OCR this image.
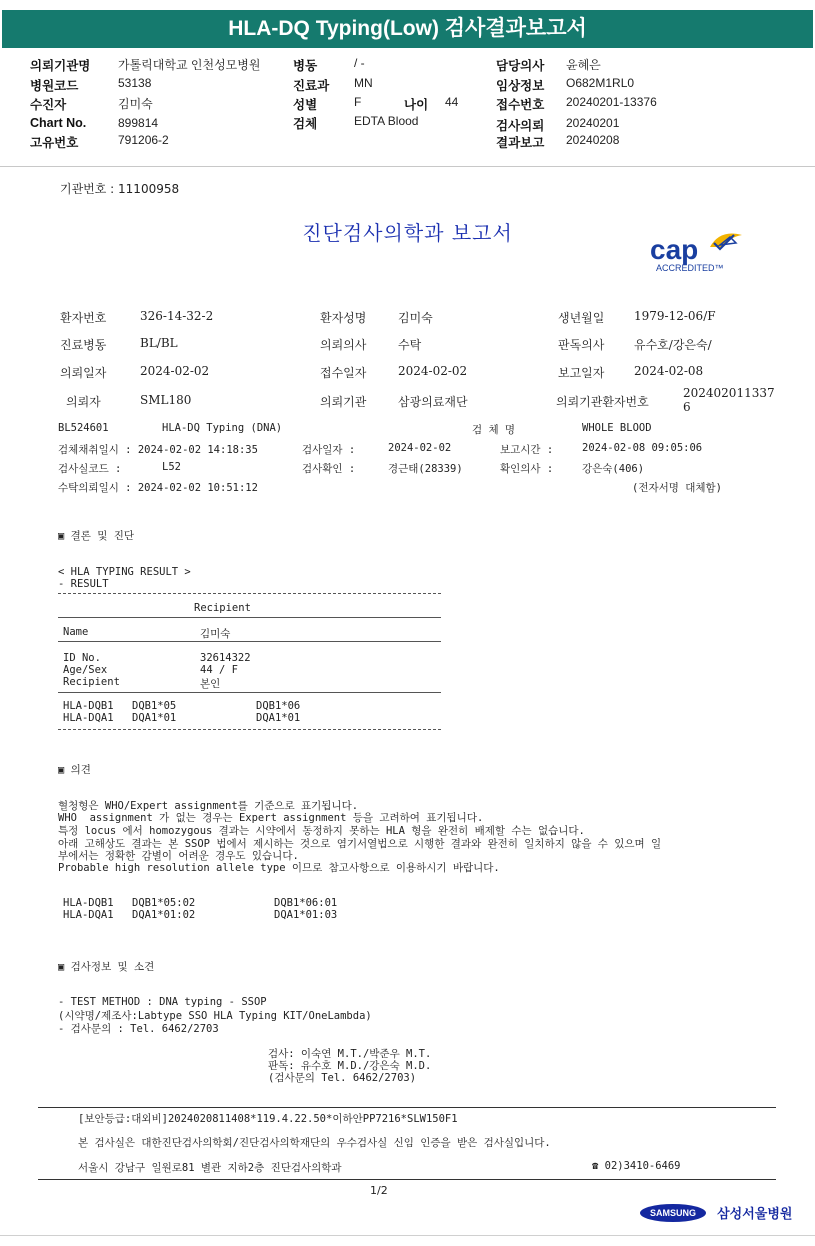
HLA-DQ Typing(Low) 검사결과보고서
의뢰기관명 가톨릭대학교 인천성모병원
병원코드	53138
수진자	김미숙
Chart No.	899814
고유번호	791206-2
병동	/ -
진료과 MN
성별	F	나이 44
검체	EDTA Blood
담당의사 윤혜은
임상정보 O682M1RL0
접수번호 20240201-13376
검사의뢰 20240201
결과보고 20240208
기관번호 : 11100958
진단검사의학과 보고서
cap
ACCREDITED™
환자번호	326-14-32-2	환자성명	김미숙	생년월일 1979-12-06/F
진료병동	BL/BL	의뢰의사	수탁	판독의사 유수호/강은숙/
의뢰일자	2024-02-02	접수일자	2024-02-02	보고일자 2024-02-08
의뢰자	SML180	의뢰기관	삼광의료재단	의뢰기관환자번호
202402011337
6
BL524601	HLA-DQ Typing (DNA)	검 체 명	WHOLE BLOOD
검체채취일시 : 2024-02-02 14:18:35	검사일자 :	2024-02-02	보고시간 :	2024-02-08 09:05:06
검사실코드 :	L52	검사확인 :	경근태(28339)	확인의사 :	강은숙(406)
수탁의뢰일시 : 2024-02-02 10:51:12	(전자서명 대체함)
▣ 결론 및 진단
< HLA TYPING RESULT >
- RESULT
Recipient
Name	김미숙
ID No.	32614322
Age/Sex	44 / F
Recipient	본인
HLA-DQB1 DQB1*05	DQB1*06
HLA-DQA1 DQA1*01	DQA1*01
▣ 의견
혈청형은 WHO/Expert assignment를 기준으로 표기됩니다.
WHO  assignment 가 없는 경우는 Expert assignment 등을 고려하여 표기됩니다.
특정 locus 에서 homozygous 결과는 시약에서 동정하지 못하는 HLA 형을 완전히 배제할 수는 없습니다.
아래 고해상도 결과는 본 SSOP 법에서 제시하는 것으로 염기서열법으로 시행한 결과와 완전히 일치하지 않을 수 있으며 일
부에서는 정확한 감별이 어려운 경우도 있습니다.
Probable high resolution allele type 이므로 참고사항으로 이용하시기 바랍니다.
HLA-DQB1 DQB1*05:02	DQB1*06:01
HLA-DQA1 DQA1*01:02	DQA1*01:03
▣ 검사정보 및 소견
- TEST METHOD : DNA typing - SSOP
(시약명/제조사:Labtype SSO HLA Typing KIT/OneLambda)
- 검사문의 : Tel. 6462/2703
검사: 이숙연 M.T./박준우 M.T.
판독: 유수호 M.D./강은숙 M.D.
(검사문의 Tel. 6462/2703)
[보안등급:대외비]2024020811408*119.4.22.50*이하안PP7216*SLW150F1
본 검사실은 대한진단검사의학회/진단검사의학재단의 우수검사실 신임 인증을 받은 검사실입니다.
서울시 강남구 일원로81 별관 지하2층 진단검사의학과	☎ 02)3410-6469
1/2
SAMSUNG 삼성서울병원
